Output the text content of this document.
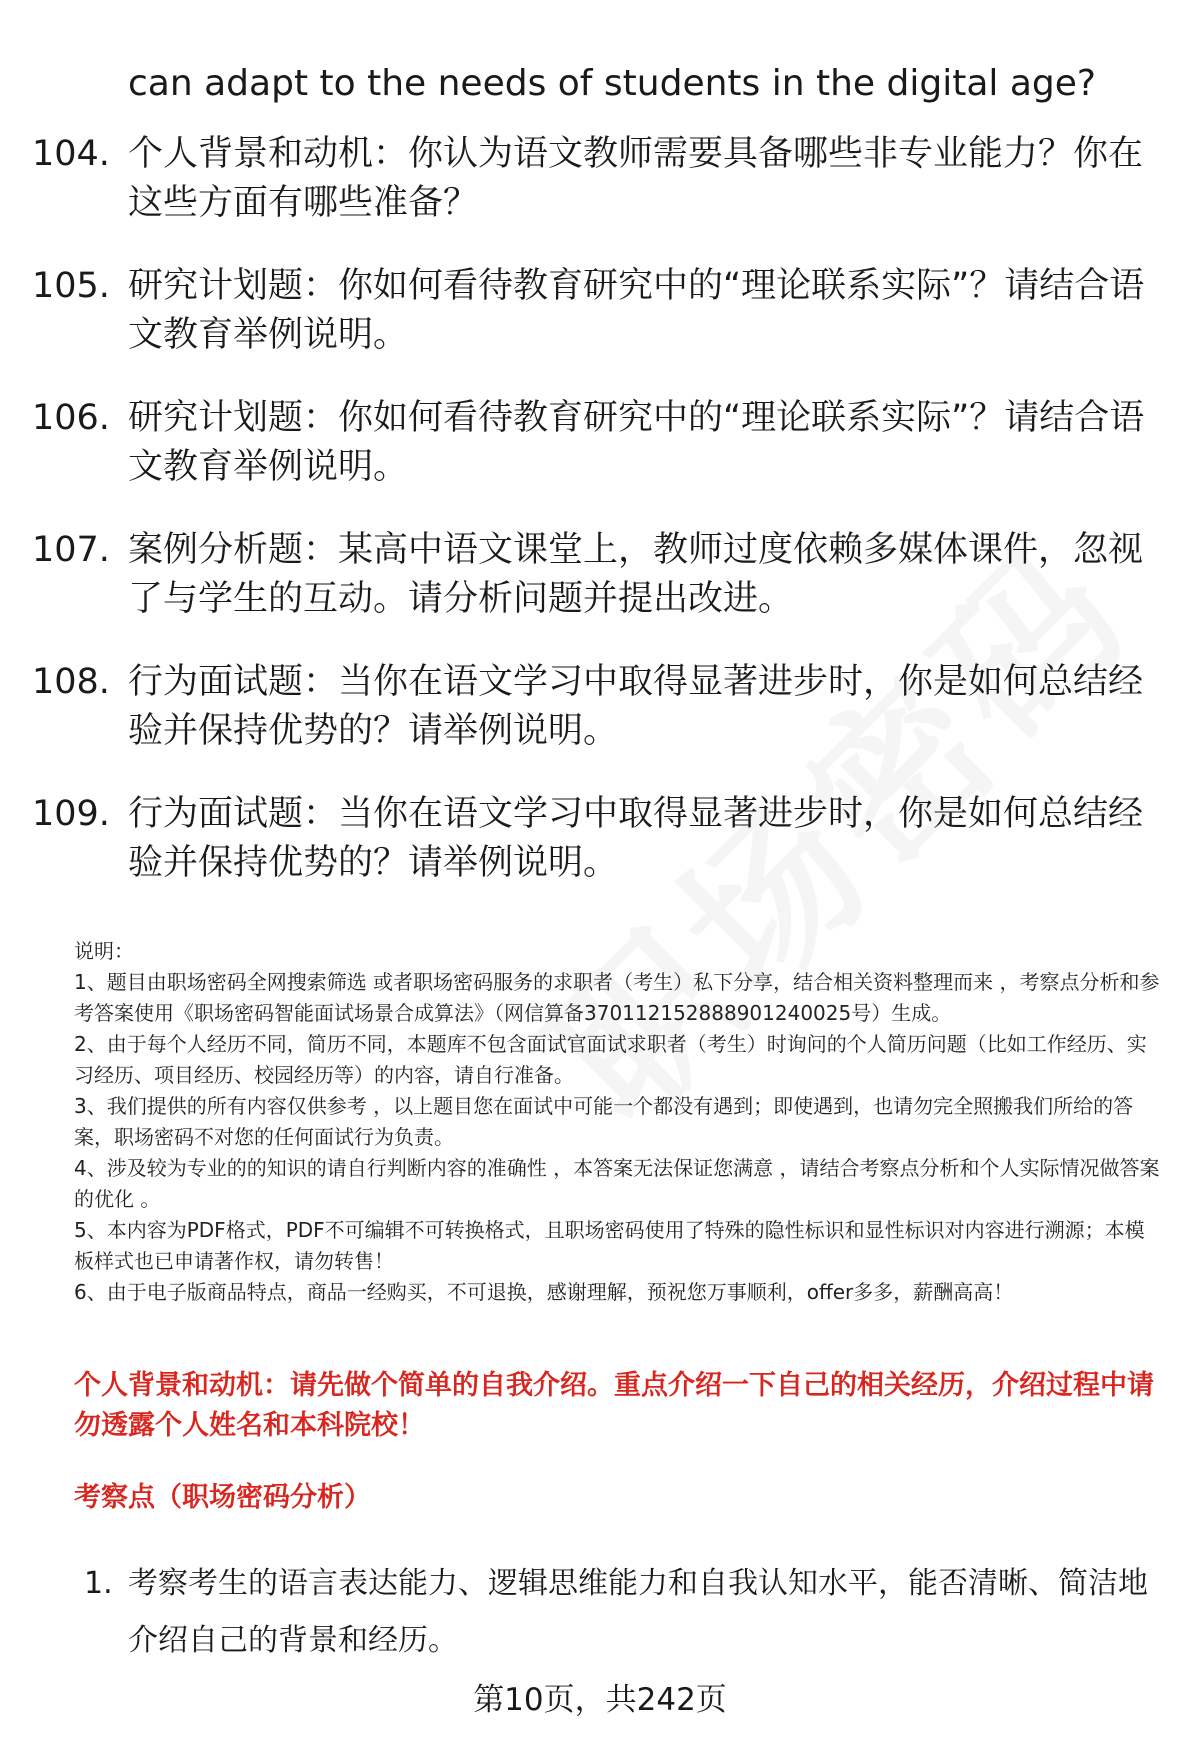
can adapt to the needs of students in the digital age?
104. 个人背景和动机：你认为语文教师需要具备哪些非专业能力？你在这些方面有哪些准备？
105. 研究计划题：你如何看待教育研究中的“理论联系实际”？请结合语文教育举例说明。
106. 研究计划题：你如何看待教育研究中的“理论联系实际”？请结合语文教育举例说明。
107. 案例分析题：某高中语文课堂上，教师过度依赖多媒体课件，忽视了与学生的互动。请分析问题并提出改进。
108. 行为面试题：当你在语文学习中取得显著进步时，你是如何总结经验并保持优势的？请举例说明。
109. 行为面试题：当你在语文学习中取得显著进步时，你是如何总结经验并保持优势的？请举例说明。

说明：

1、题目由职场密码全网搜索筛选 或者职场密码服务的求职者（考生）私下分享，结合相关资料整理而来 ，考察点分析和参考答案使用《职场密码智能面试场景合成算法》（网信算备370112152888901240025号）生成。

2、由于每个人经历不同，简历不同，本题库不包含面试官面试求职者（考生）时询问的个人简历问题（比如工作经历、实习经历、项目经历、校园经历等）的内容，请自行准备。

3、我们提供的所有内容仅供参考 ，以上题目您在面试中可能一个都没有遇到；即使遇到，也请勿完全照搬我们所给的答案，职场密码不对您的任何面试行为负责。

4、涉及较为专业的的知识的请自行判断内容的准确性 ，本答案无法保证您满意 ，请结合考察点分析和个人实际情况做答案的优化 。

5、本内容为PDF格式，PDF不可编辑不可转换格式，且职场密码使用了特殊的隐性标识和显性标识对内容进行溯源；本模板样式也已申请著作权，请勿转售！

6、由于电子版商品特点，商品一经购买，不可退换，感谢理解，预祝您万事顺利，offer多多，薪酬高高！

个人背景和动机：请先做个简单的自我介绍。重点介绍一下自己的相关经历，介绍过程中请勿透露个人姓名和本科院校！
考察点（职场密码分析）
1. 考察考生的语言表达能力、逻辑思维能力和自我认知水平，能否清晰、简洁地介绍自己的背景和经历。
第10页，共242页
